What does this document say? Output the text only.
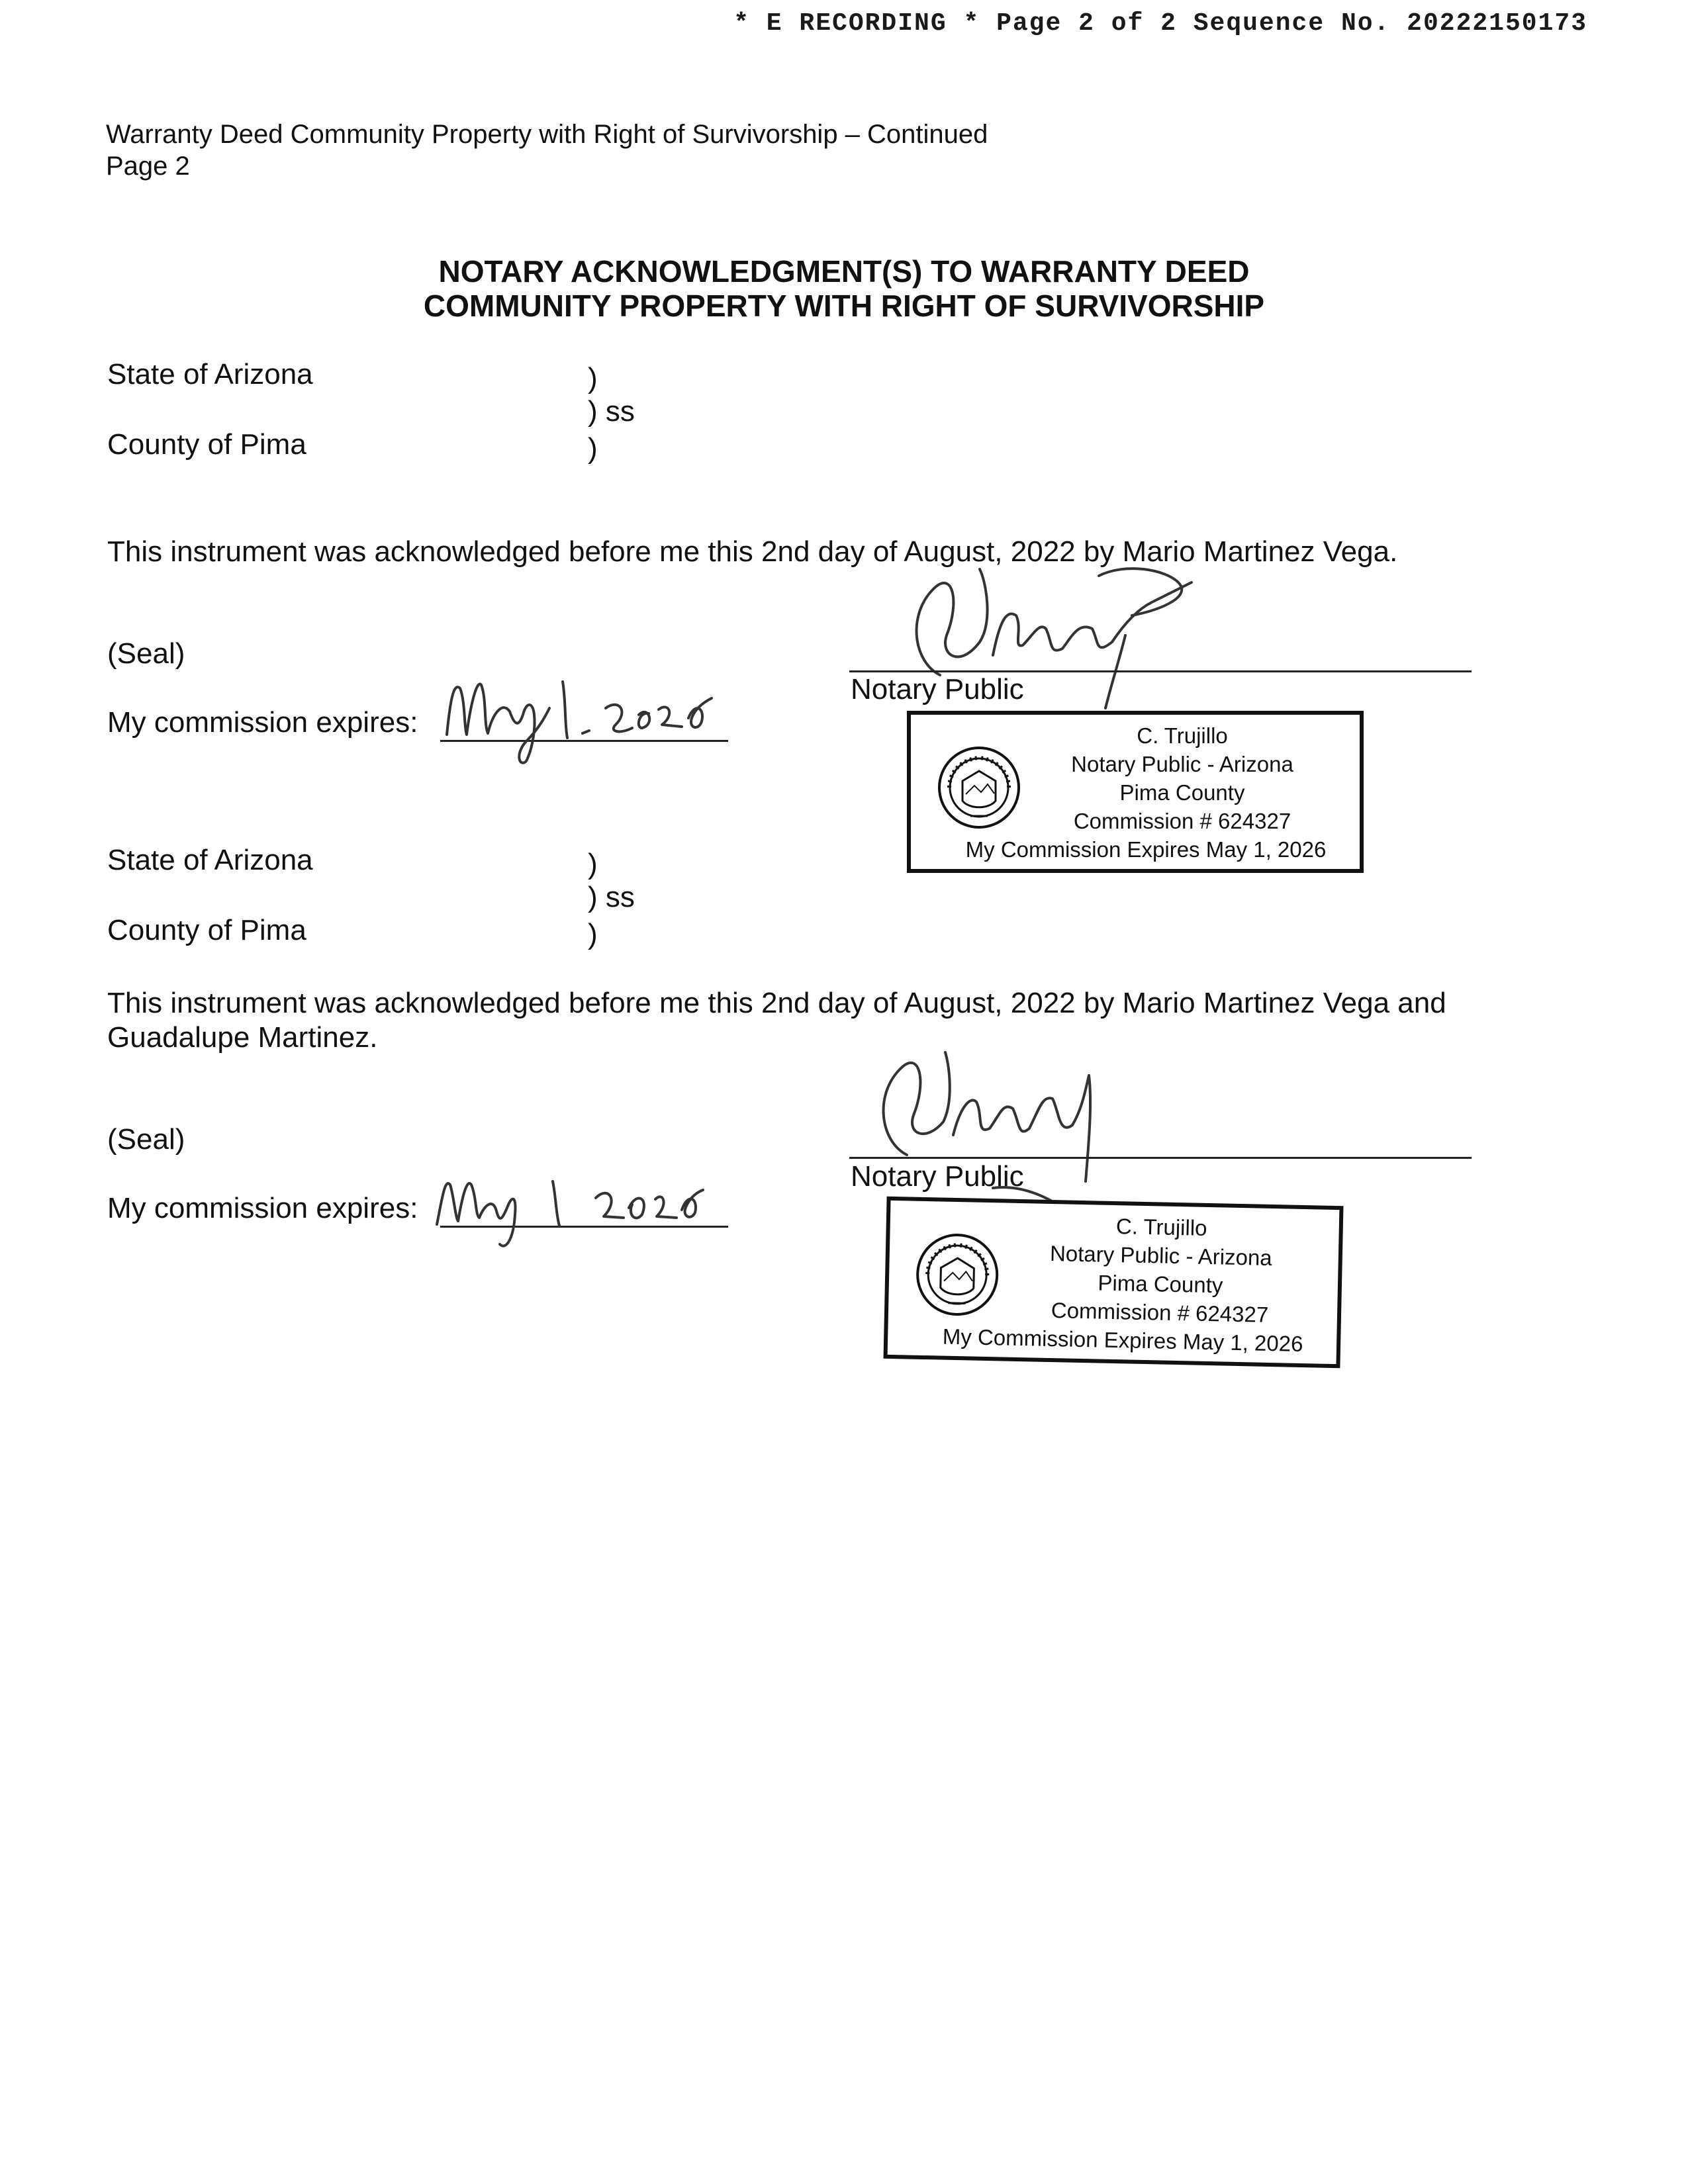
* E RECORDING * Page 2 of 2 Sequence No. 20222150173
Warranty Deed Community Property with Right of Survivorship – Continued
Page 2
NOTARY ACKNOWLEDGMENT(S) TO WARRANTY DEED
COMMUNITY PROPERTY WITH RIGHT OF SURVIVORSHIP
State of Arizona	)
) ss
County of Pima	)
This instrument was acknowledged before me this 2nd day of August, 2022 by Mario Martinez Vega.
(Seal)
My commission expires:
Notary Public
C. Trujillo
Notary Public - Arizona
Pima County
Commission # 624327
My Commission Expires May 1, 2026
State of Arizona	)
) ss
County of Pima	)
This instrument was acknowledged before me this 2nd day of August, 2022 by Mario Martinez Vega and Guadalupe Martinez.
(Seal)
My commission expires:
Notary Public
C. Trujillo
Notary Public - Arizona
Pima County
Commission # 624327
My Commission Expires May 1, 2026
